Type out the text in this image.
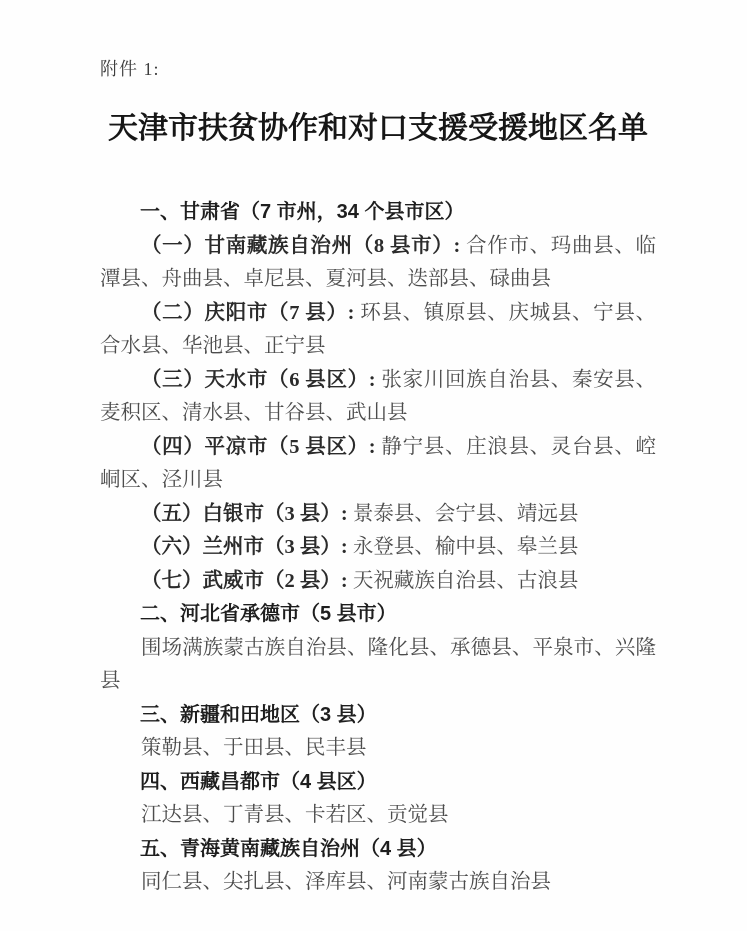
附件 1:
天津市扶贫协作和对口支援受援地区名单

一、甘肃省（7 市州，34 个县市区）

（一）甘南藏族自治州（8 县市）: 合作市、玛曲县、临潭县、舟曲县、卓尼县、夏河县、迭部县、碌曲县

（二）庆阳市（7 县）: 环县、镇原县、庆城县、宁县、合水县、华池县、正宁县

（三）天水市（6 县区）: 张家川回族自治县、秦安县、麦积区、清水县、甘谷县、武山县

（四）平凉市（5 县区）: 静宁县、庄浪县、灵台县、崆峒区、泾川县

（五）白银市（3 县）: 景泰县、会宁县、靖远县

（六）兰州市（3 县）: 永登县、榆中县、皋兰县

（七）武威市（2 县）: 天祝藏族自治县、古浪县

二、河北省承德市（5 县市）

围场满族蒙古族自治县、隆化县、承德县、平泉市、兴隆县

三、新疆和田地区（3 县）

策勒县、于田县、民丰县

四、西藏昌都市（4 县区）

江达县、丁青县、卡若区、贡觉县

五、青海黄南藏族自治州（4 县）

同仁县、尖扎县、泽库县、河南蒙古族自治县
